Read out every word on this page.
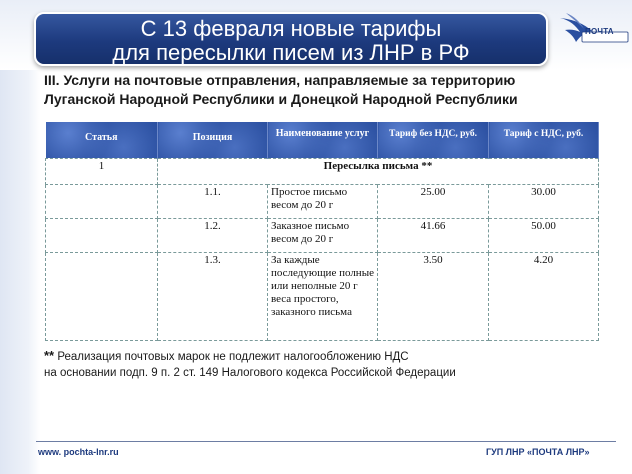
С 13 февраля новые тарифы
для пересылки писем из ЛНР в РФ
ПОЧТА
III. Услуги на почтовые отправления, направляемые за территорию
Луганской Народной Республики и Донецкой Народной Республики
Статья	Позиция	Наименование услуг	Тариф без НДС, руб.	Тариф с НДС, руб.
1	Пересылка письма **			
	1.1.	Простое письмо весом до 20 г	25.00	30.00
	1.2.	Заказное письмо весом до 20 г	41.66	50.00
	1.3.	За каждые последующие полные или неполные 20 г веса простого, заказного письма	3.50	4.20
** Реализация почтовых марок не подлежит налогообложению НДС
на основании подп. 9 п. 2 ст. 149 Налогового кодекса Российской Федерации
www. pochta-lnr.ru	ГУП ЛНР «ПОЧТА ЛНР»
